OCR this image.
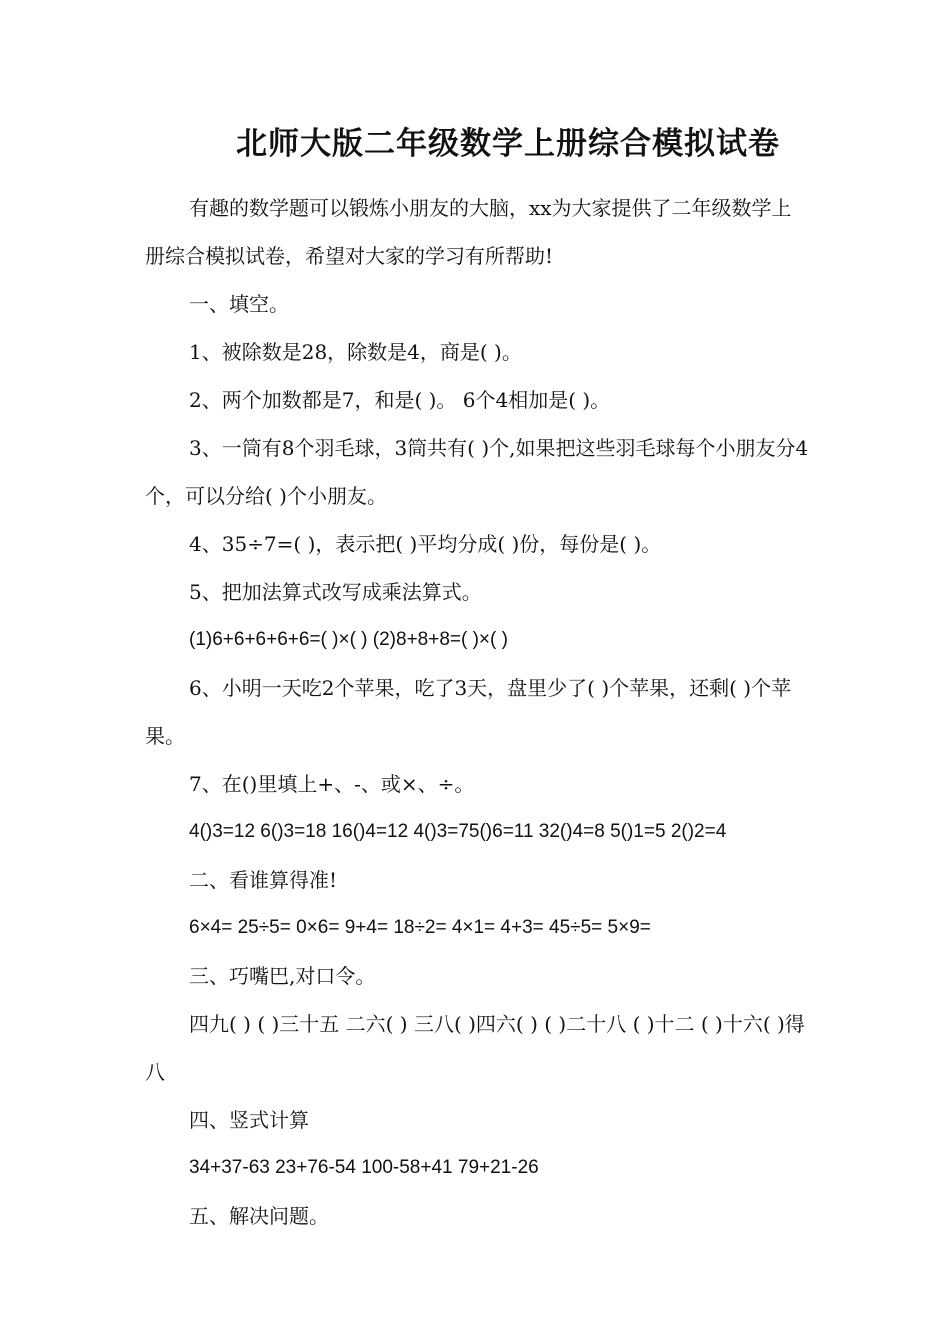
北师大版二年级数学上册综合模拟试卷

有趣的数学题可以锻炼小朋友的大脑，xx为大家提供了二年级数学上册综合模拟试卷，希望对大家的学习有所帮助!

一、填空。

1、被除数是28，除数是4，商是( )。

2、两个加数都是7，和是( )。 6个4相加是( )。

3、一筒有8个羽毛球，3筒共有( )个,如果把这些羽毛球每个小朋友分4个，可以分给( )个小朋友。

4、35÷7=( )，表示把( )平均分成( )份，每份是( )。

5、把加法算式改写成乘法算式。

(1)6+6+6+6+6=( )×( ) (2)8+8+8=( )×( )

6、小明一天吃2个苹果，吃了3天，盘里少了( )个苹果，还剩( )个苹果。

7、在()里填上+、-、或×、÷。

4()3=12 6()3=18 16()4=12 4()3=75()6=11 32()4=8 5()1=5 2()2=4

二、看谁算得准!

6×4= 25÷5= 0×6= 9+4= 18÷2= 4×1= 4+3= 45÷5= 5×9=

三、巧嘴巴,对口令。

四九( ) ( )三十五 二六( ) 三八( )四六( ) ( )二十八 ( )十二 ( )十六( )得八

四、竖式计算

34+37-63 23+76-54 100-58+41 79+21-26

五、解决问题。
